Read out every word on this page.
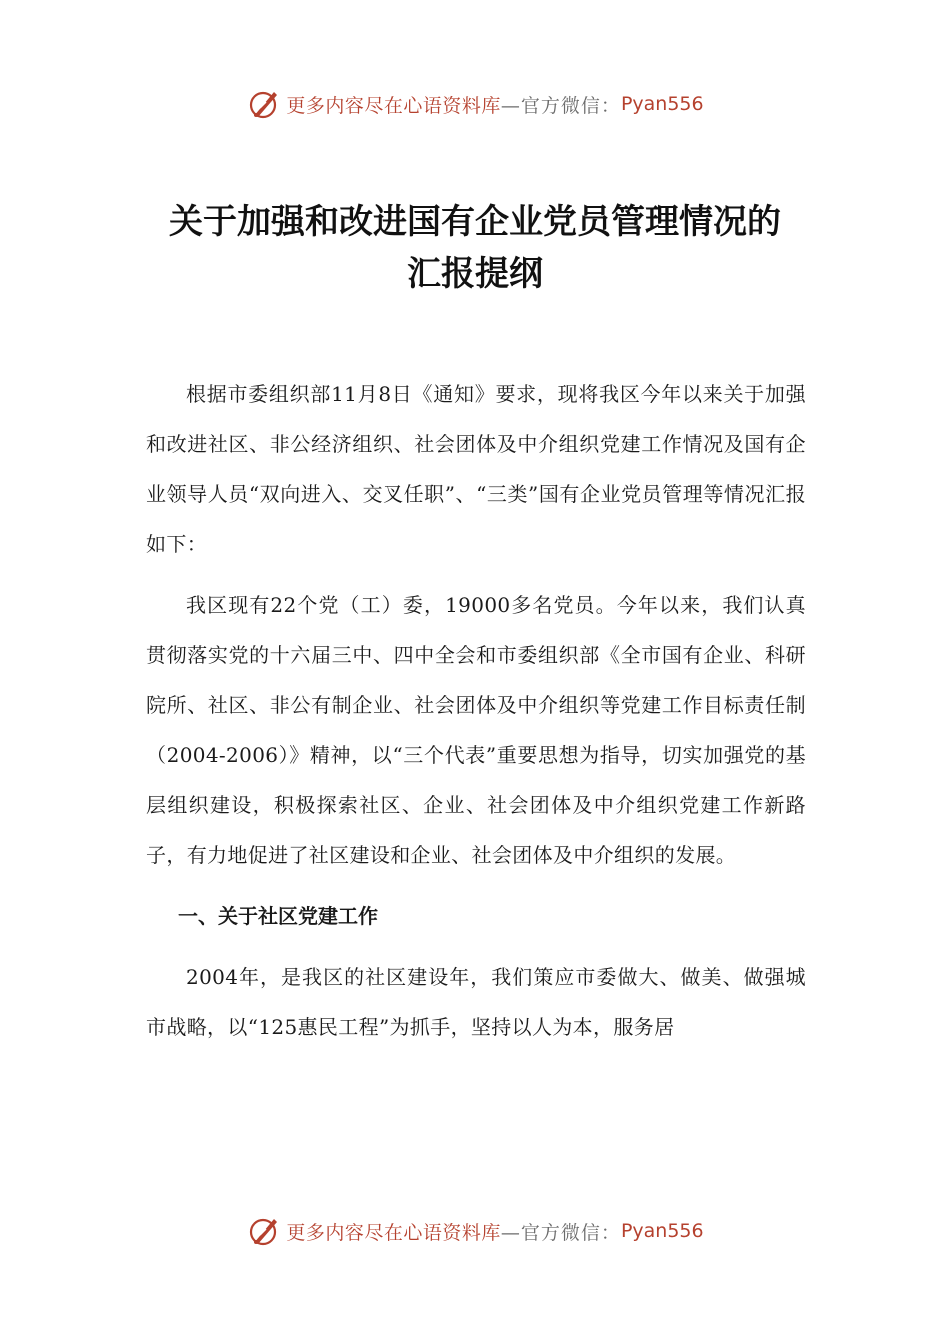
更多内容尽在心语资料库 —官方微信： Pyan556
关于加强和改进国有企业党员管理情况的
汇报提纲

根据市委组织部11月8日《通知》要求，现将我区今年以来关于加强和改进社区、非公经济组织、社会团体及中介组织党建工作情况及国有企业领导人员“双向进入、交叉任职”、“三类”国有企业党员管理等情况汇报如下：

我区现有22个党（工）委，19000多名党员。今年以来，我们认真贯彻落实党的十六届三中、四中全会和市委组织部《全市国有企业、科研院所、社区、非公有制企业、社会团体及中介组织等党建工作目标责任制（2004-2006）》精神，以“三个代表”重要思想为指导，切实加强党的基层组织建设，积极探索社区、企业、社会团体及中介组织党建工作新路子，有力地促进了社区建设和企业、社会团体及中介组织的发展。

一、关于社区党建工作

2004年，是我区的社区建设年，我们策应市委做大、做美、做强城市战略，以“125惠民工程”为抓手，坚持以人为本，服务居

更多内容尽在心语资料库 —官方微信： Pyan556
